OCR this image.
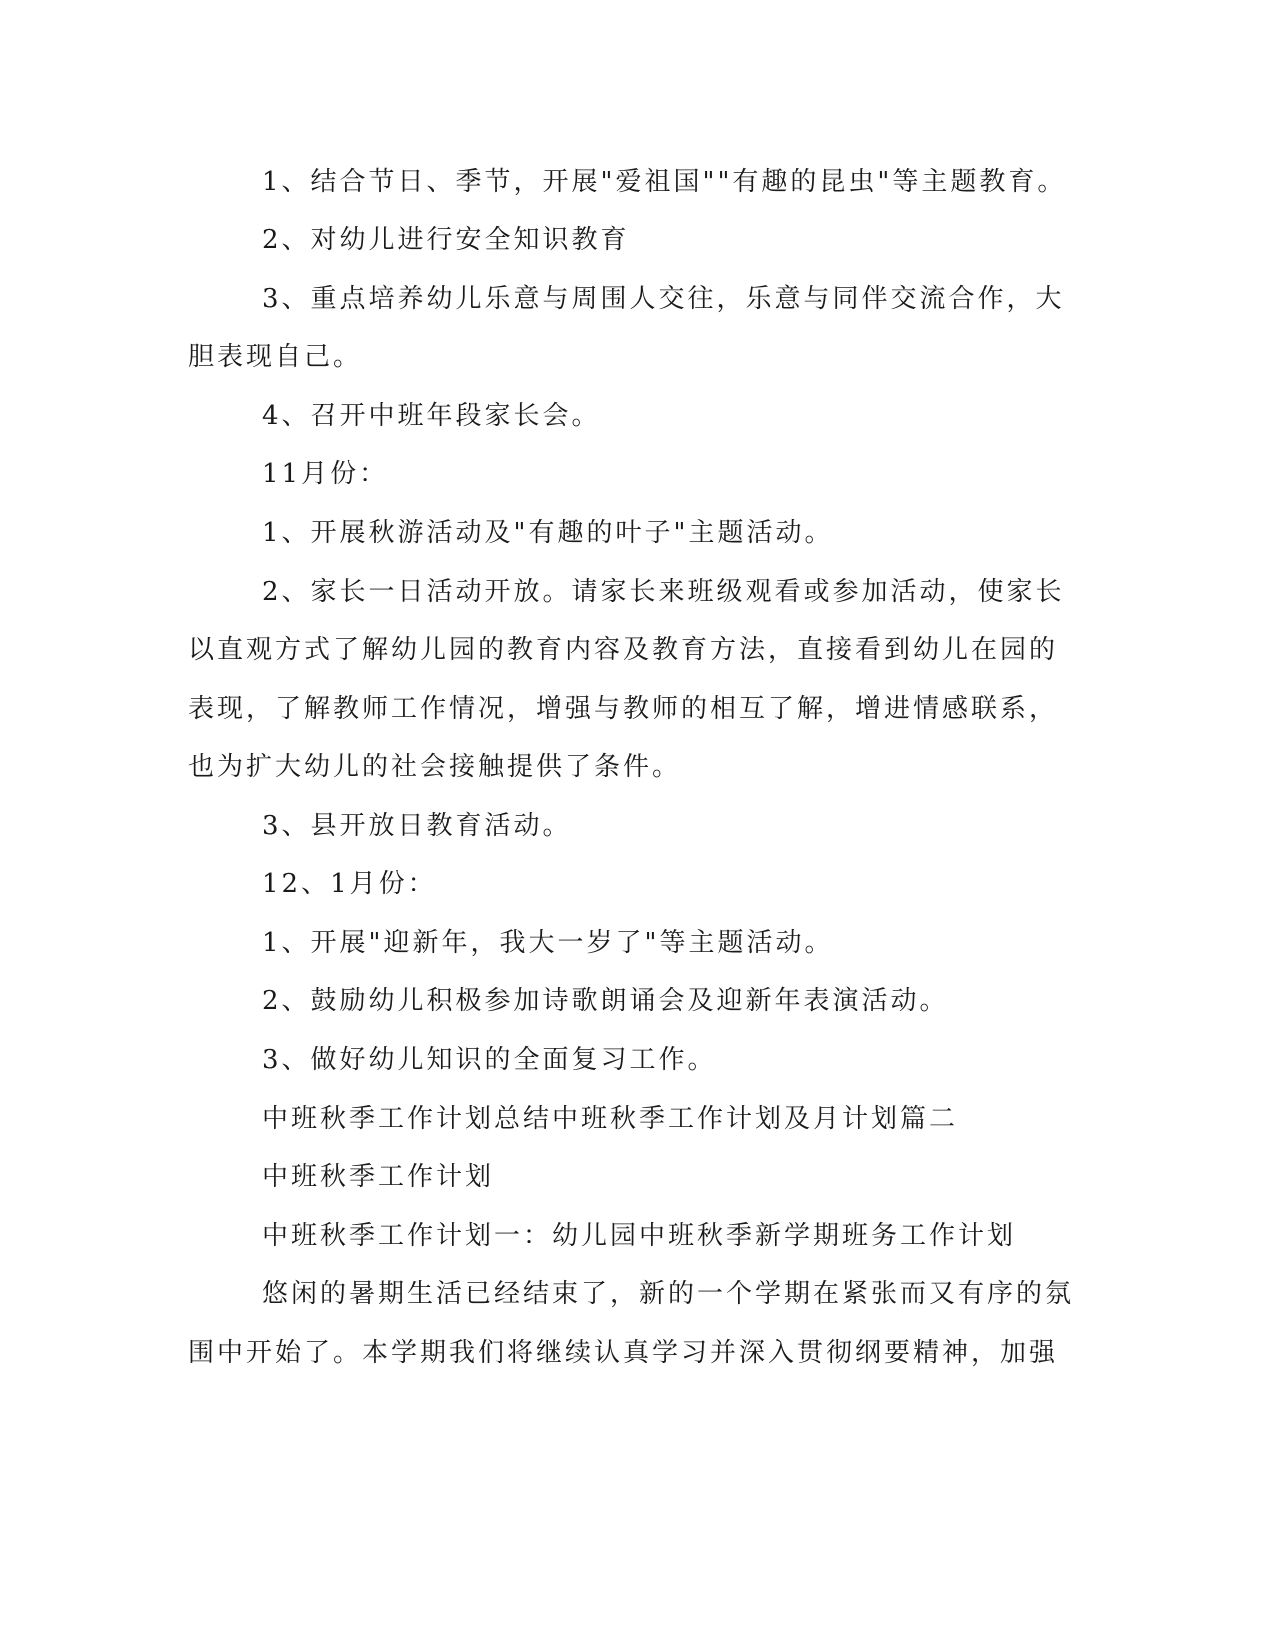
1、结合节日、季节，开展"爱祖国""有趣的昆虫"等主题教育。

2、对幼儿进行安全知识教育

3、重点培养幼儿乐意与周围人交往，乐意与同伴交流合作，大

胆表现自己。

4、召开中班年段家长会。

11月份：

1、开展秋游活动及"有趣的叶子"主题活动。

2、家长一日活动开放。请家长来班级观看或参加活动，使家长

以直观方式了解幼儿园的教育内容及教育方法，直接看到幼儿在园的

表现，了解教师工作情况，增强与教师的相互了解，增进情感联系，

也为扩大幼儿的社会接触提供了条件。

3、县开放日教育活动。

12、1月份：

1、开展"迎新年，我大一岁了"等主题活动。

2、鼓励幼儿积极参加诗歌朗诵会及迎新年表演活动。

3、做好幼儿知识的全面复习工作。

中班秋季工作计划总结中班秋季工作计划及月计划篇二

中班秋季工作计划

中班秋季工作计划一：幼儿园中班秋季新学期班务工作计划

悠闲的暑期生活已经结束了，新的一个学期在紧张而又有序的氛

围中开始了。本学期我们将继续认真学习并深入贯彻纲要精神，加强
